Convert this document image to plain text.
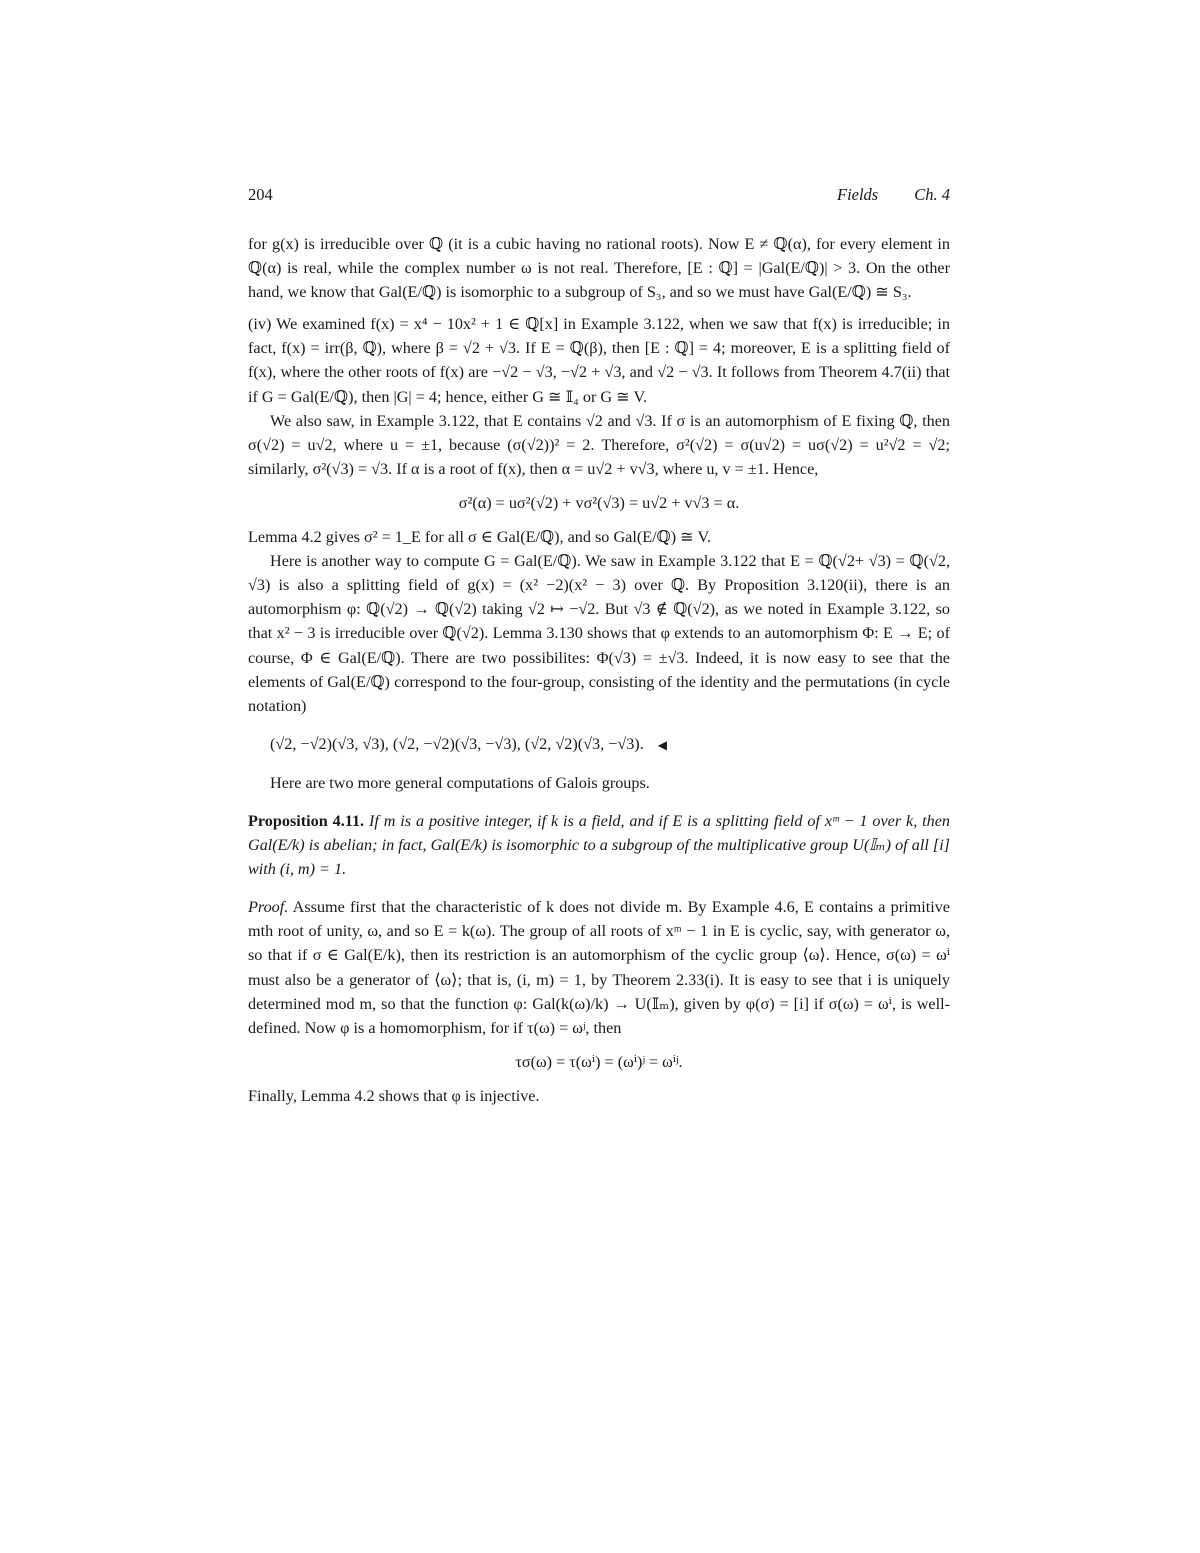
204	Fields Ch. 4

for g(x) is irreducible over ℚ (it is a cubic having no rational roots). Now E ≠ ℚ(α), for every element in ℚ(α) is real, while the complex number ω is not real. Therefore, [E : ℚ] = |Gal(E/ℚ)| > 3. On the other hand, we know that Gal(E/ℚ) is isomorphic to a subgroup of S₃, and so we must have Gal(E/ℚ) ≅ S₃.

(iv) We examined f(x) = x⁴ − 10x² + 1 ∈ ℚ[x] in Example 3.122, when we saw that f(x) is irreducible; in fact, f(x) = irr(β, ℚ), where β = √2 + √3. If E = ℚ(β), then [E : ℚ] = 4; moreover, E is a splitting field of f(x), where the other roots of f(x) are −√2 − √3, −√2 + √3, and √2 − √3. It follows from Theorem 4.7(ii) that if G = Gal(E/ℚ), then |G| = 4; hence, either G ≅ 𝕀₄ or G ≅ V.

We also saw, in Example 3.122, that E contains √2 and √3. If σ is an automorphism of E fixing ℚ, then σ(√2) = u√2, where u = ±1, because (σ(√2))² = 2. Therefore, σ²(√2) = σ(u√2) = uσ(√2) = u²√2 = √2; similarly, σ²(√3) = √3. If α is a root of f(x), then α = u√2 + v√3, where u, v = ±1. Hence,

σ²(α) = uσ²(√2) + vσ²(√3) = u√2 + v√3 = α.

Lemma 4.2 gives σ² = 1_E for all σ ∈ Gal(E/ℚ), and so Gal(E/ℚ) ≅ V.

Here is another way to compute G = Gal(E/ℚ). We saw in Example 3.122 that E = ℚ(√2+ √3) = ℚ(√2, √3) is also a splitting field of g(x) = (x² −2)(x² − 3) over ℚ. By Proposition 3.120(ii), there is an automorphism φ: ℚ(√2) → ℚ(√2) taking √2 ↦ −√2. But √3 ∉ ℚ(√2), as we noted in Example 3.122, so that x² − 3 is irreducible over ℚ(√2). Lemma 3.130 shows that φ extends to an automorphism Φ: E → E; of course, Φ ∈ Gal(E/ℚ). There are two possibilites: Φ(√3) = ±√3. Indeed, it is now easy to see that the elements of Gal(E/ℚ) correspond to the four-group, consisting of the identity and the permutations (in cycle notation)

(√2, −√2)(√3, √3), (√2, −√2)(√3, −√3), (√2, √2)(√3, −√3). ◀

Here are two more general computations of Galois groups.

Proposition 4.11. If m is a positive integer, if k is a field, and if E is a splitting field of xᵐ − 1 over k, then Gal(E/k) is abelian; in fact, Gal(E/k) is isomorphic to a subgroup of the multiplicative group U(𝕀ₘ) of all [i] with (i, m) = 1.

Proof. Assume first that the characteristic of k does not divide m. By Example 4.6, E contains a primitive mth root of unity, ω, and so E = k(ω). The group of all roots of xᵐ − 1 in E is cyclic, say, with generator ω, so that if σ ∈ Gal(E/k), then its restriction is an automorphism of the cyclic group ⟨ω⟩. Hence, σ(ω) = ωⁱ must also be a generator of ⟨ω⟩; that is, (i, m) = 1, by Theorem 2.33(i). It is easy to see that i is uniquely determined mod m, so that the function φ: Gal(k(ω)/k) → U(𝕀ₘ), given by φ(σ) = [i] if σ(ω) = ωⁱ, is well-defined. Now φ is a homomorphism, for if τ(ω) = ωʲ, then

τσ(ω) = τ(ωⁱ) = (ωⁱ)ʲ = ωⁱʲ.

Finally, Lemma 4.2 shows that φ is injective.
